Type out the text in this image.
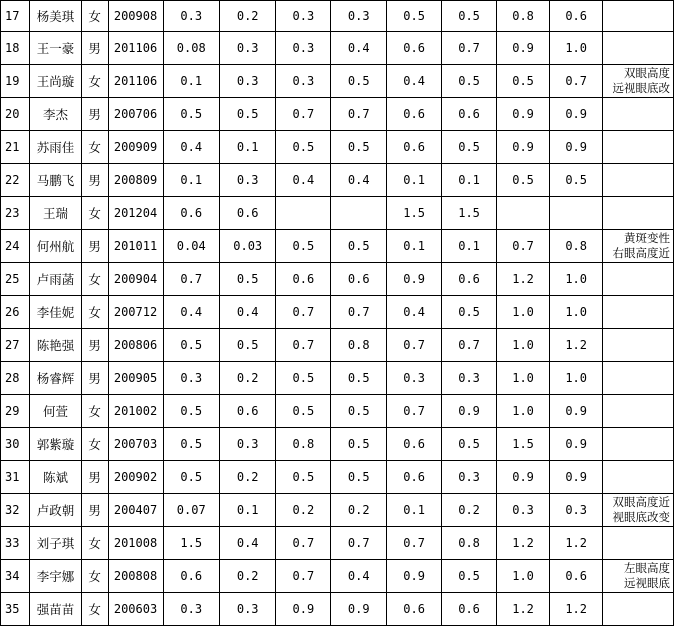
17	杨美琪	女	200908	0.3	0.2	0.3	0.3	0.5	0.5	0.8	0.6	

18	王一豪	男	201106	0.08	0.3	0.3	0.4	0.6	0.7	0.9	1.0	

19	王尚璇	女	201106	0.1	0.3	0.3	0.5	0.4	0.5	0.5	0.7	双眼高度
远视眼底改

20	李杰	男	200706	0.5	0.5	0.7	0.7	0.6	0.6	0.9	0.9	

21	苏雨佳	女	200909	0.4	0.1	0.5	0.5	0.6	0.5	0.9	0.9	

22	马鹏飞	男	200809	0.1	0.3	0.4	0.4	0.1	0.1	0.5	0.5	

23	王瑞	女	201204	0.6	0.6			1.5	1.5			

24	何州航	男	201011	0.04	0.03	0.5	0.5	0.1	0.1	0.7	0.8	黄斑变性
右眼高度近

25	卢雨菡	女	200904	0.7	0.5	0.6	0.6	0.9	0.6	1.2	1.0	

26	李佳妮	女	200712	0.4	0.4	0.7	0.7	0.4	0.5	1.0	1.0	

27	陈艳强	男	200806	0.5	0.5	0.7	0.8	0.7	0.7	1.0	1.2	

28	杨睿辉	男	200905	0.3	0.2	0.5	0.5	0.3	0.3	1.0	1.0	

29	何萱	女	201002	0.5	0.6	0.5	0.5	0.7	0.9	1.0	0.9	

30	郭紫璇	女	200703	0.5	0.3	0.8	0.5	0.6	0.5	1.5	0.9	

31	陈斌	男	200902	0.5	0.2	0.5	0.5	0.6	0.3	0.9	0.9	

32	卢政朝	男	200407	0.07	0.1	0.2	0.2	0.1	0.2	0.3	0.3	双眼高度近
视眼底改变

33	刘子琪	女	201008	1.5	0.4	0.7	0.7	0.7	0.8	1.2	1.2	

34	李宇娜	女	200808	0.6	0.2	0.7	0.4	0.9	0.5	1.0	0.6	左眼高度
远视眼底

35	强苗苗	女	200603	0.3	0.3	0.9	0.9	0.6	0.6	1.2	1.2	
